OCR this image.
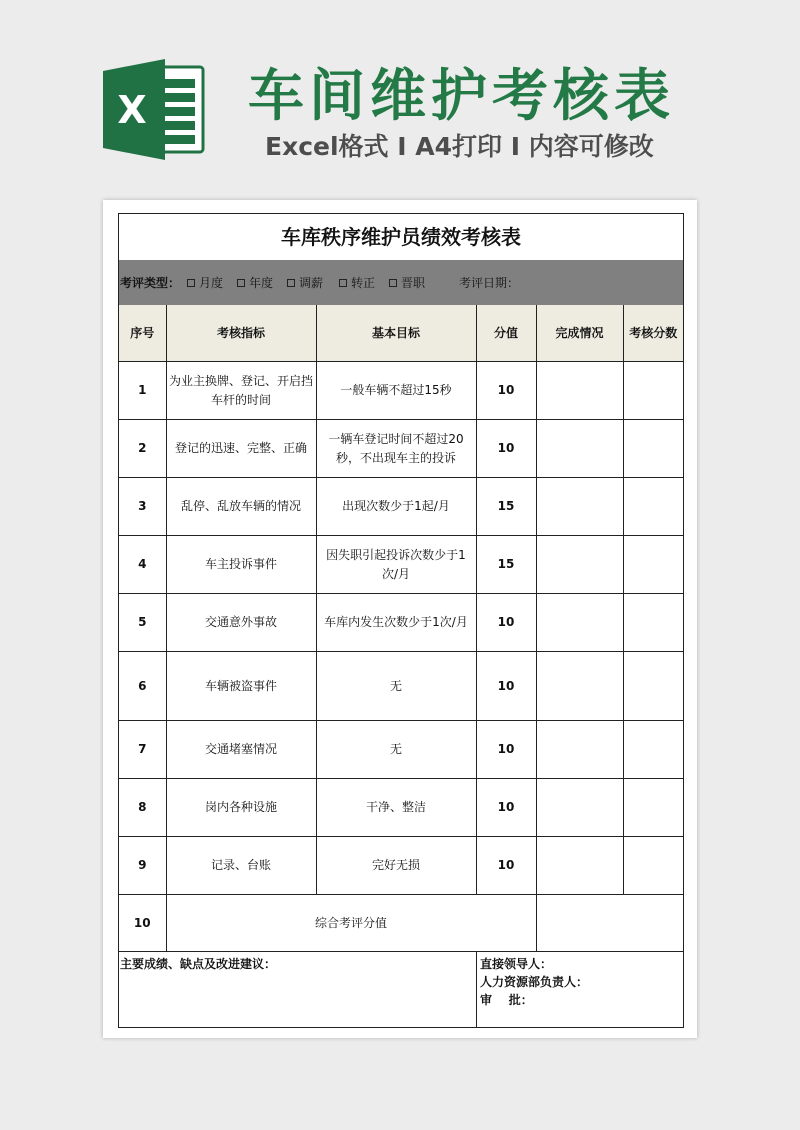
X 车间维护考核表
Excel格式 I A4打印 I 内容可修改
车库秩序维护员绩效考核表
考评类型：	月度	年度	调薪	转正	晋职	考评日期：
序号	考核指标	基本目标	分值	完成情况	考核分数
1	为业主换牌、登记、开启挡车杆的时间	一般车辆不超过15秒	10		
2	登记的迅速、完整、正确	一辆车登记时间不超过20秒，不出现车主的投诉	10		
3	乱停、乱放车辆的情况	出现次数少于1起/月	15		
4	车主投诉事件	因失职引起投诉次数少于1次/月	15		
5	交通意外事故	车库内发生次数少于1次/月	10		
6	车辆被盗事件	无	10		
7	交通堵塞情况	无	10		
8	岗内各种设施	干净、整洁	10		
9	记录、台账	完好无损	10		
10	综合考评分值				
主要成绩、缺点及改进建议：	直接领导人：
人力资源部负责人：
审    批：
